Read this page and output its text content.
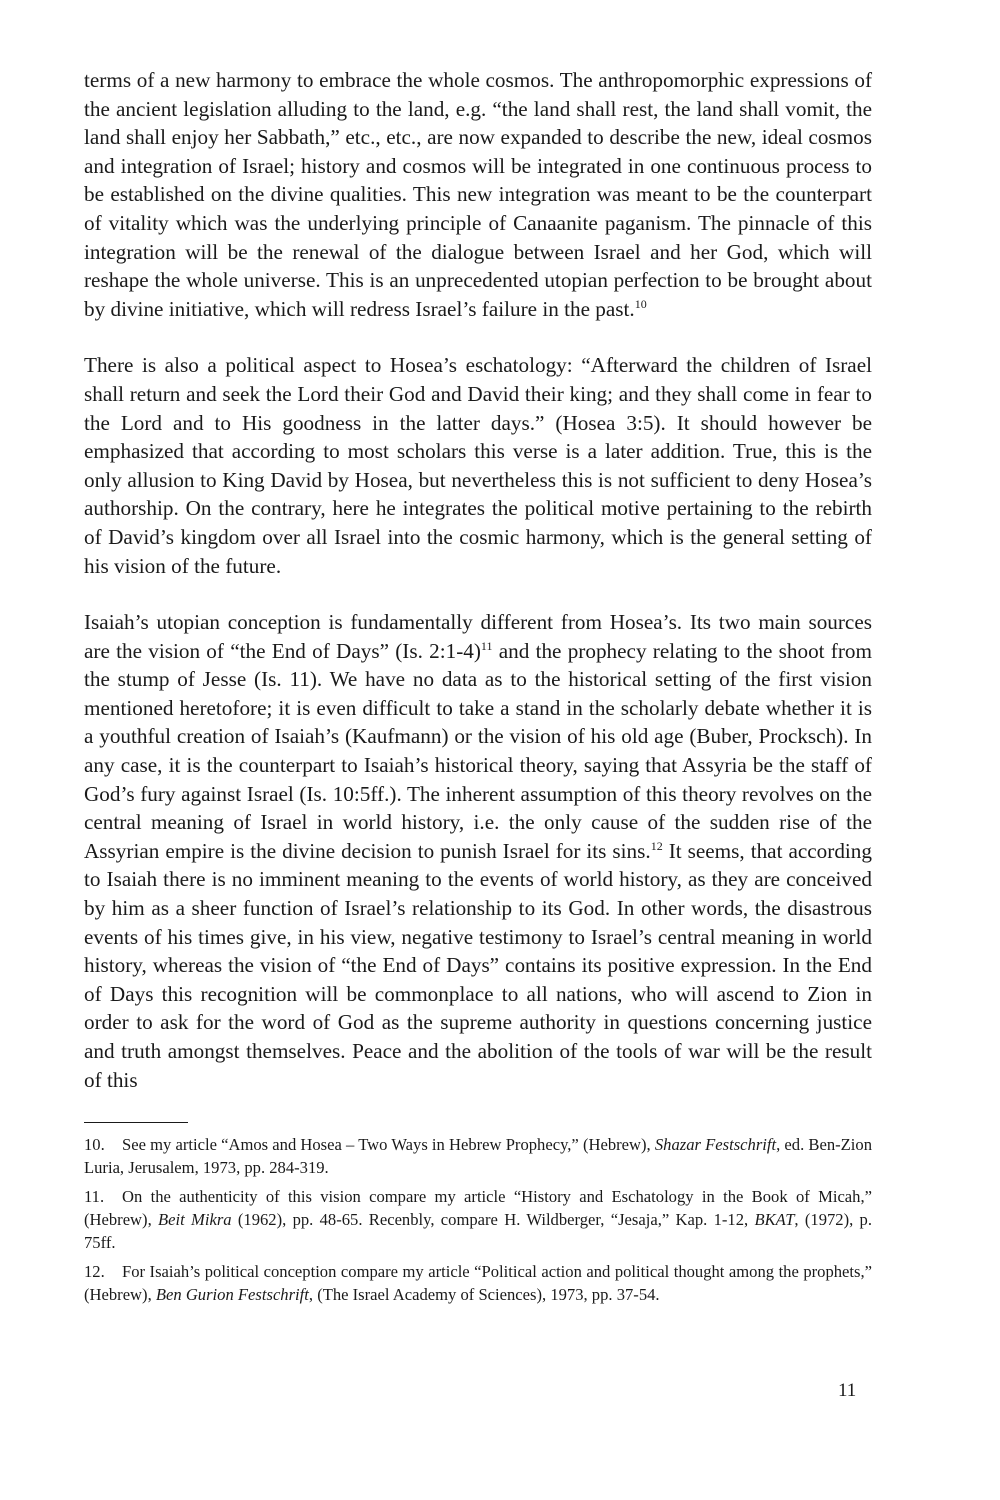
terms of a new harmony to embrace the whole cosmos. The anthropomorphic expressions of the ancient legislation alluding to the land, e.g. “the land shall rest, the land shall vomit, the land shall enjoy her Sabbath,” etc., etc., are now expanded to describe the new, ideal cosmos and integration of Israel; history and cosmos will be integrated in one continuous process to be established on the divine qualities. This new integration was meant to be the counterpart of vitality which was the underlying principle of Canaanite paganism. The pinnacle of this integration will be the renewal of the dialogue between Israel and her God, which will reshape the whole universe. This is an unprecedented utopian perfection to be brought about by divine initiative, which will redress Israel’s failure in the past.$^{10}$

There is also a political aspect to Hosea’s eschatology: “Afterward the children of Israel shall return and seek the Lord their God and David their king; and they shall come in fear to the Lord and to His goodness in the latter days.” (Hosea 3:5). It should however be emphasized that according to most scholars this verse is a later addition. True, this is the only allusion to King David by Hosea, but nevertheless this is not sufficient to deny Hosea’s authorship. On the contrary, here he integrates the political motive pertaining to the rebirth of David’s kingdom over all Israel into the cosmic harmony, which is the general setting of his vision of the future.

Isaiah’s utopian conception is fundamentally different from Hosea’s. Its two main sources are the vision of “the End of Days” (Is. 2:1-4)$^{11}$ and the prophecy relating to the shoot from the stump of Jesse (Is. 11). We have no data as to the historical setting of the first vision mentioned heretofore; it is even difficult to take a stand in the scholarly debate whether it is a youthful creation of Isaiah’s (Kaufmann) or the vision of his old age (Buber, Procksch). In any case, it is the counterpart to Isaiah’s historical theory, saying that Assyria be the staff of God’s fury against Israel (Is. 10:5ff.). The inherent assumption of this theory revolves on the central meaning of Israel in world history, i.e. the only cause of the sudden rise of the Assyrian empire is the divine decision to punish Israel for its sins.$^{12}$ It seems, that according to Isaiah there is no imminent meaning to the events of world history, as they are conceived by him as a sheer function of Israel’s relationship to its God. In other words, the disastrous events of his times give, in his view, negative testimony to Israel’s central meaning in world history, whereas the vision of “the End of Days” contains its positive expression. In the End of Days this recognition will be commonplace to all nations, who will ascend to Zion in order to ask for the word of God as the supreme authority in questions concerning justice and truth amongst themselves. Peace and the abolition of the tools of war will be the result of this

10. See my article “Amos and Hosea – Two Ways in Hebrew Prophecy,” (Hebrew), Shazar Festschrift, ed. Ben-Zion Luria, Jerusalem, 1973, pp. 284-319.

11. On the authenticity of this vision compare my article “History and Eschatology in the Book of Micah,” (Hebrew), Beit Mikra (1962), pp. 48-65. Recenbly, compare H. Wildberger, “Jesaja,” Kap. 1-12, BKAT, (1972), p. 75ff.

12. For Isaiah’s political conception compare my article “Political action and political thought among the prophets,” (Hebrew), Ben Gurion Festschrift, (The Israel Academy of Sciences), 1973, pp. 37-54.

11
